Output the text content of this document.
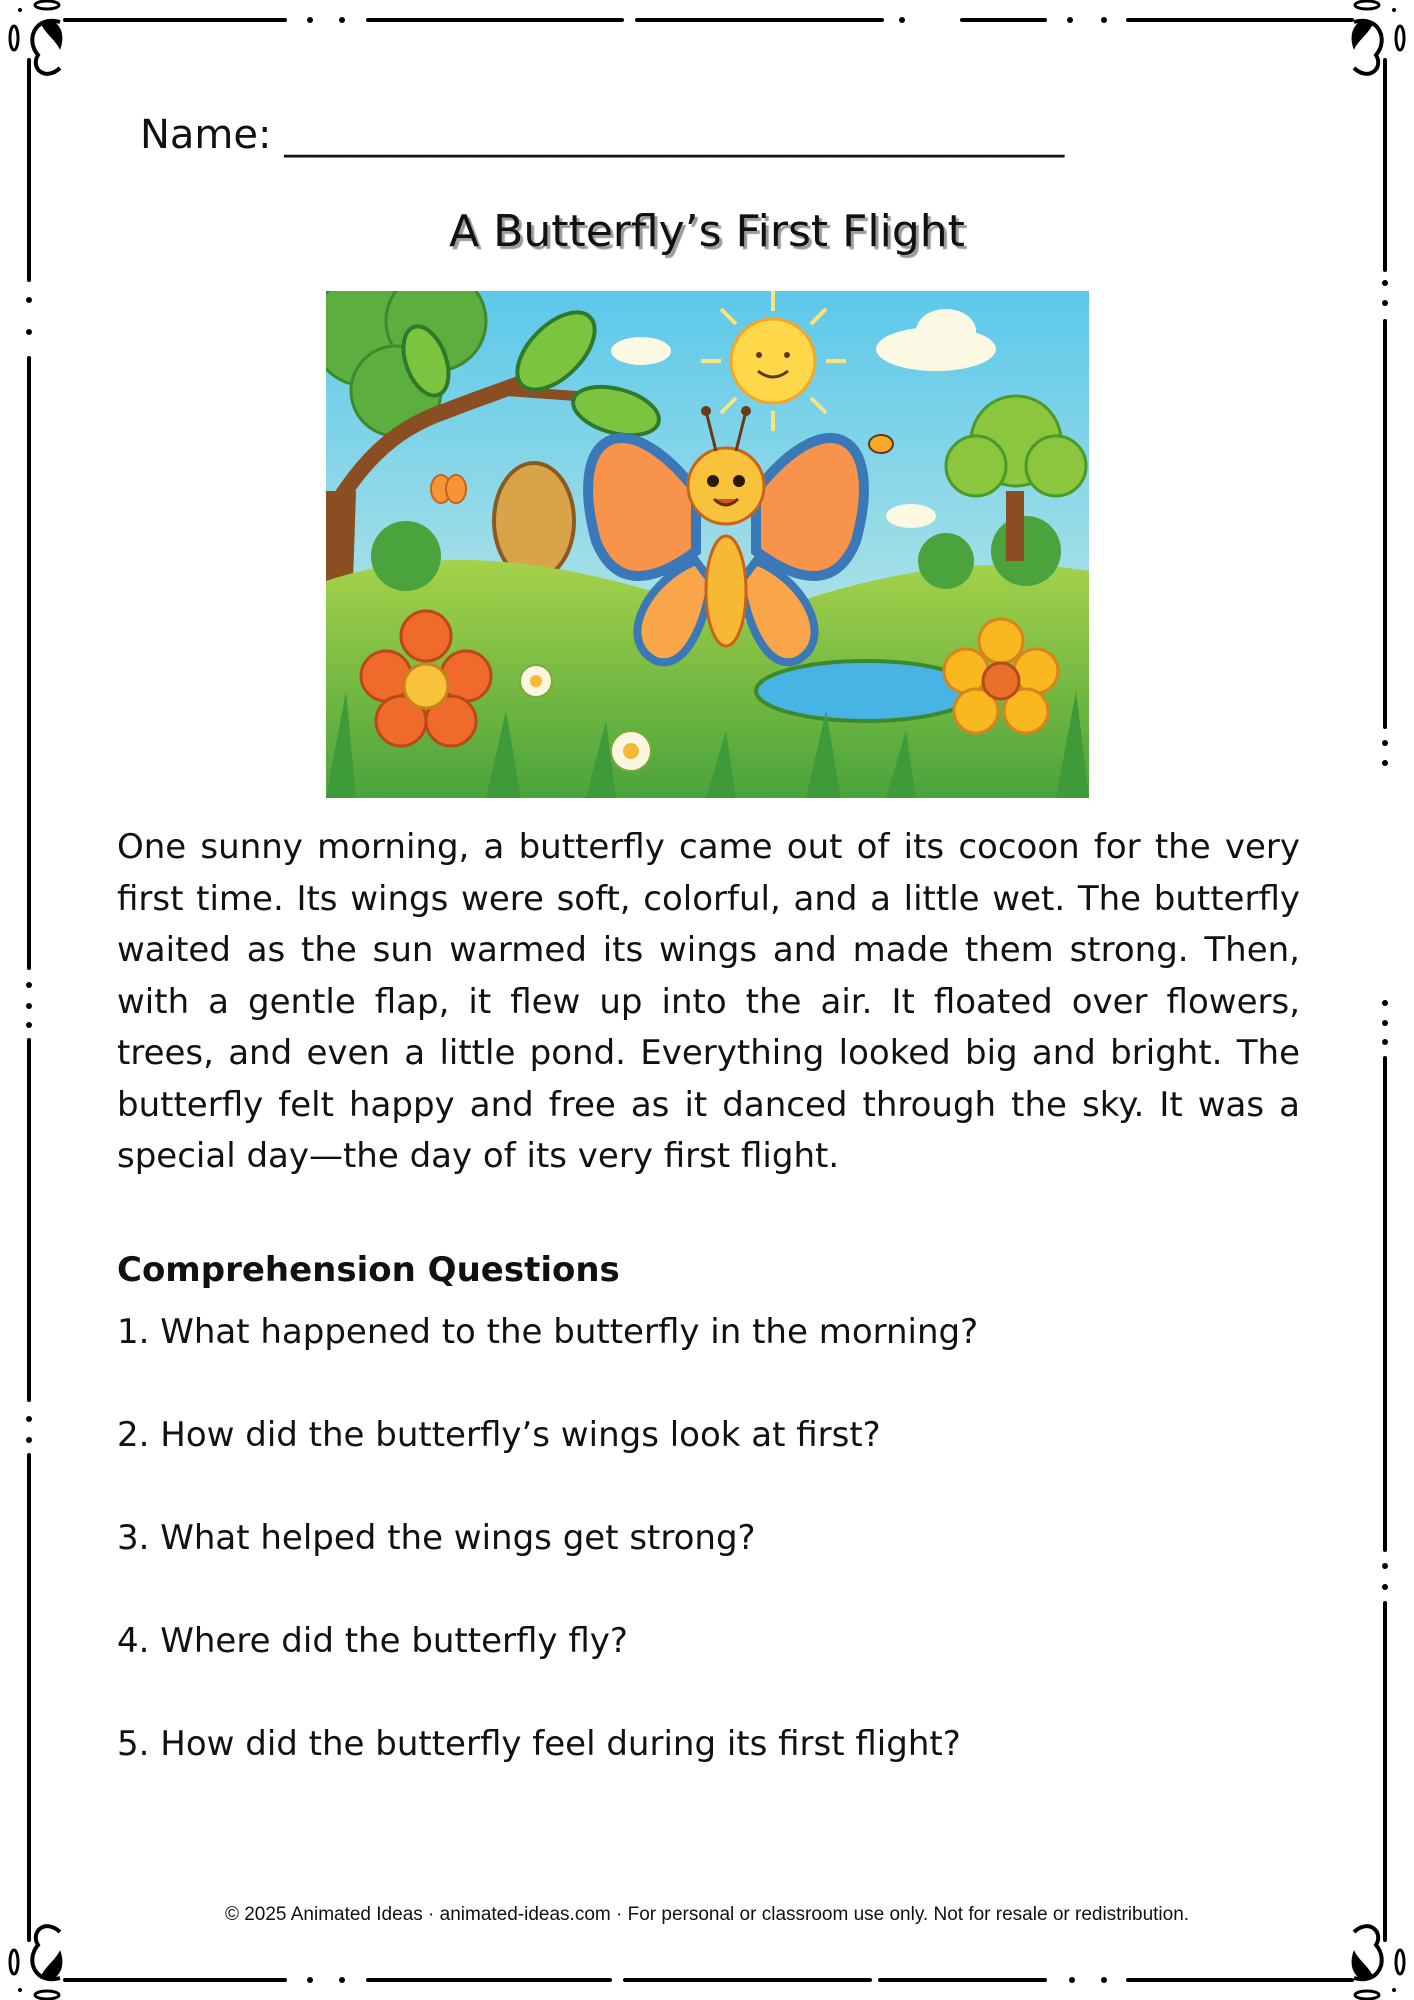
Name: _______________________________________
A Butterfly’s First Flight

One sunny morning, a butterfly came out of its cocoon for the very first time. Its wings were soft, colorful, and a little wet. The butterfly waited as the sun warmed its wings and made them strong. Then, with a gentle flap, it flew up into the air. It floated over flowers, trees, and even a little pond. Everything looked big and bright. The butterfly felt happy and free as it danced through the sky. It was a special day—the day of its very first flight.

Comprehension Questions
1. What happened to the butterfly in the morning?
2. How did the butterfly’s wings look at first?
3. What helped the wings get strong?
4. Where did the butterfly fly?
5. How did the butterfly feel during its first flight?
© 2025 Animated Ideas · animated-ideas.com · For personal or classroom use only. Not for resale or redistribution.
